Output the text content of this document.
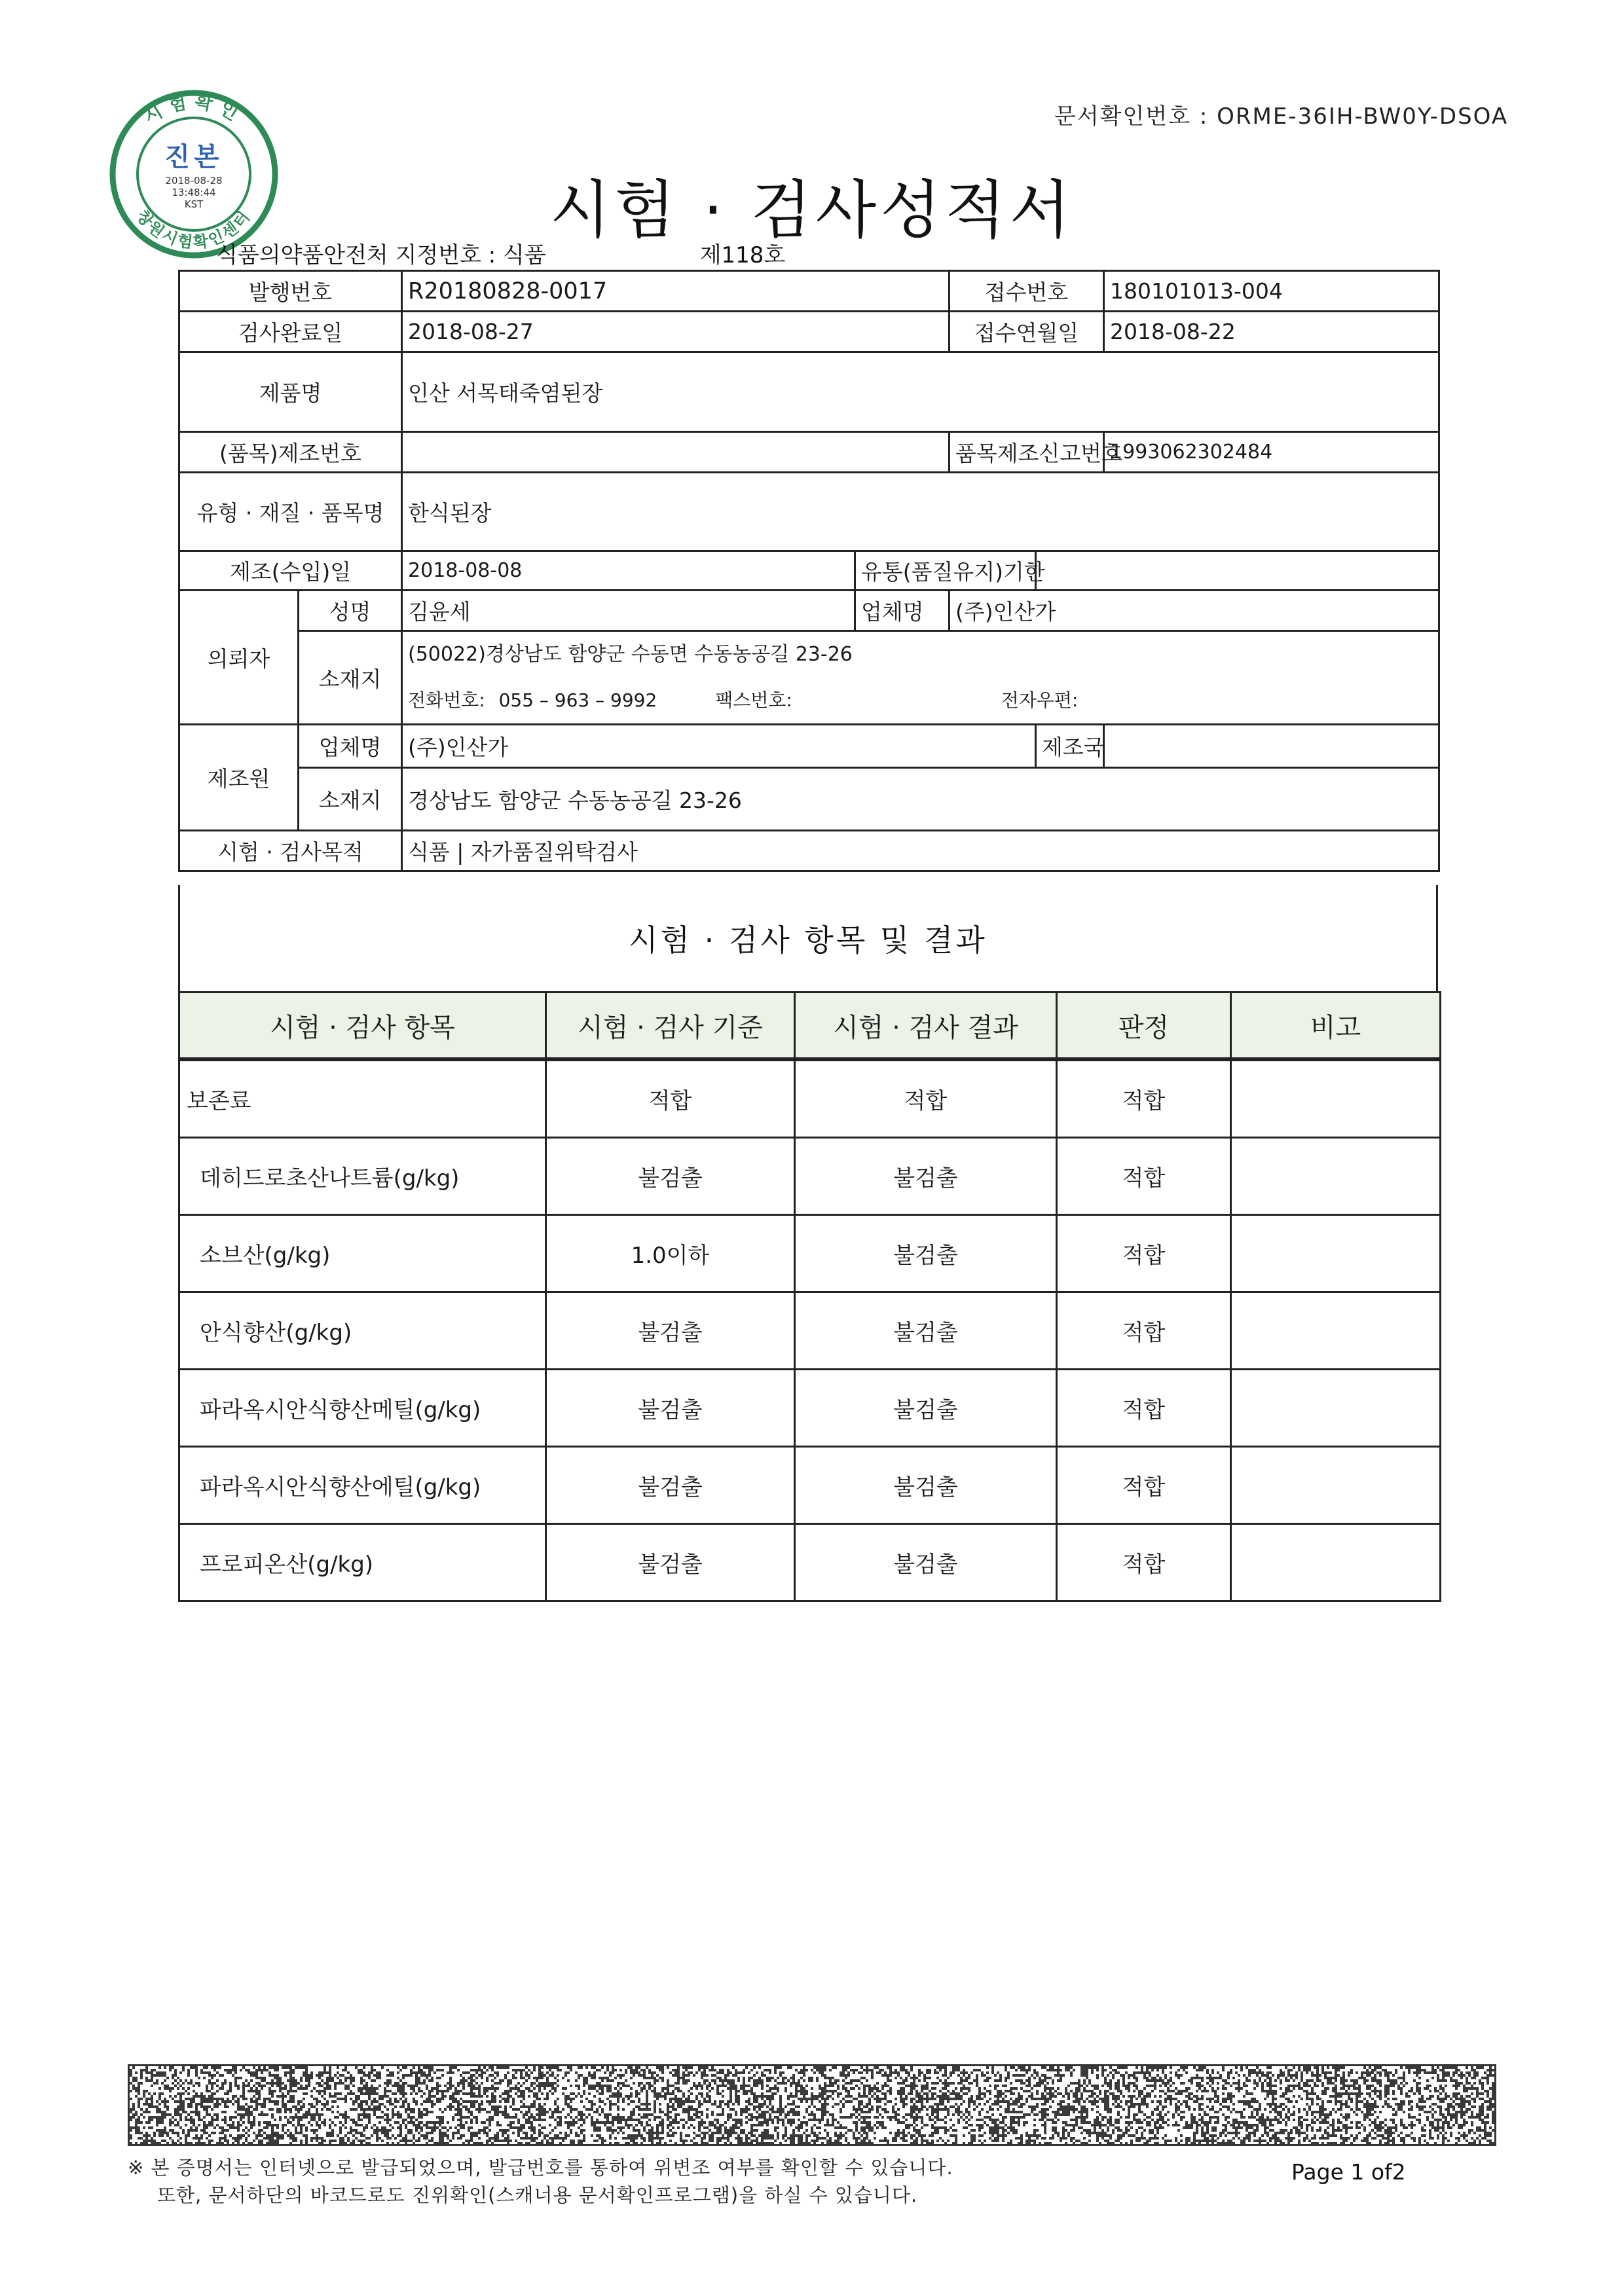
문서확인번호 : ORME-36IH-BW0Y-DSOA
시험확인
창원시험확인센터
진본
2018-08-28
13:48:44
KST	시험 · 검사성적서
식품의약품안전처 지정번호 : 식품	제118호
발행번호		R20180828-0017		접수번호		180101013-004
검사완료일		2018-08-27		접수연월일		2018-08-22
제품명		인산 서목태죽염된장				
(품목)제조번호				품목제조신고번호		1993062302484
유형 · 재질 · 품목명		한식된장				
제조(수입)일		2018-08-08	유통(품질유지)기한			
의뢰자	성명	김윤세	업체명	(주)인산가		
	소재지	(50022)경상남도 함양군 수동면 수동농공길 23-26
전화번호: 055 – 963 – 9992 팩스번호: 전자우편:				

제조원	업체명	(주)인산가			제조국	
	소재지	경상남도 함양군 수동농공길 23-26				
시험 · 검사목적		식품 | 자가품질위탁검사				
시험 · 검사 항목 및 결과
시험 · 검사 항목	시험 · 검사 기준	시험 · 검사 결과	판정	비고
보존료	적합	적합	적합	
데히드로초산나트륨(g/kg)	불검출	불검출	적합	
소브산(g/kg)	1.0이하	불검출	적합	
안식향산(g/kg)	불검출	불검출	적합	
파라옥시안식향산메틸(g/kg)	불검출	불검출	적합	
파라옥시안식향산에틸(g/kg)	불검출	불검출	적합	
프로피온산(g/kg)	불검출	불검출	적합	
※ 본 증명서는 인터넷으로 발급되었으며, 발급번호를 통하여 위변조 여부를 확인할 수 있습니다.
또한, 문서하단의 바코드로도 진위확인(스캐너용 문서확인프로그램)을 하실 수 있습니다.
Page 1 of2
